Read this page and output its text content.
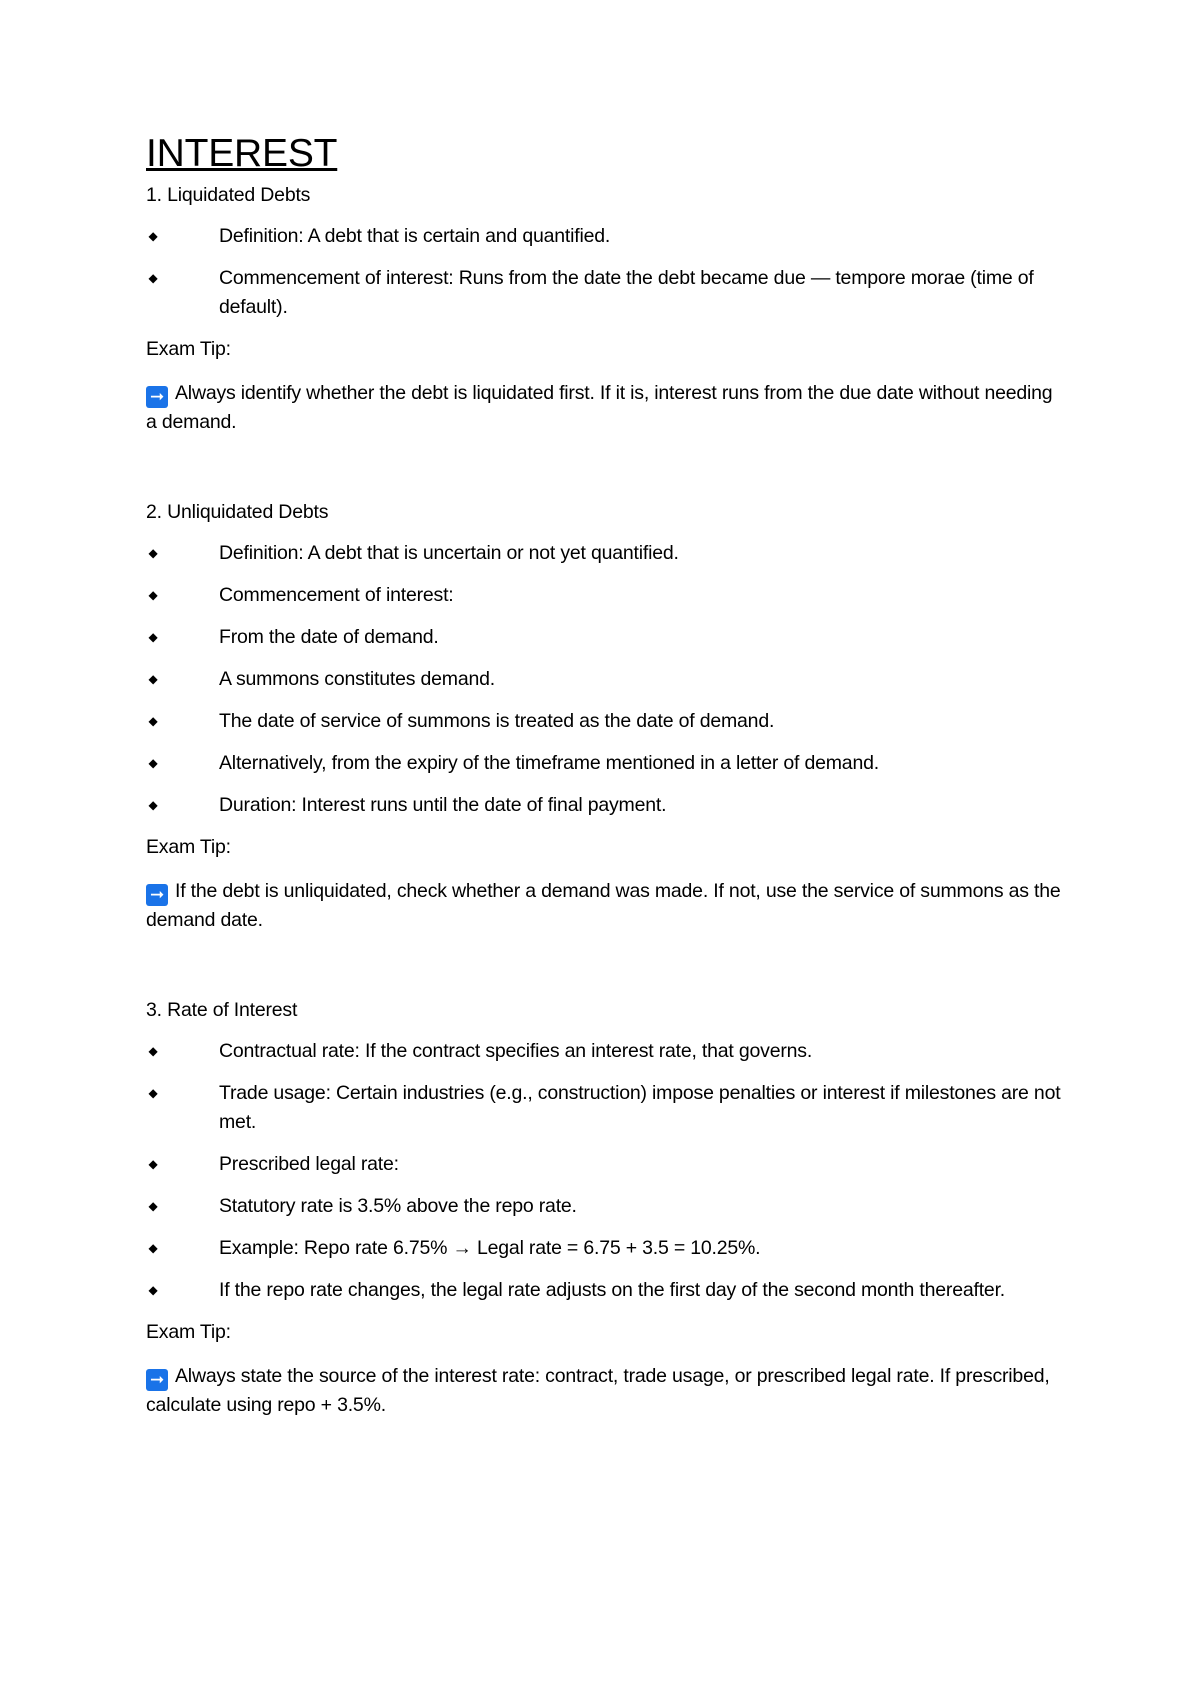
INTEREST

1. Liquidated Debts

◆	Definition: A debt that is certain and quantified.
◆	Commencement of interest: Runs from the date the debt became due — tempore morae (time of default).

Exam Tip:

➞ Always identify whether the debt is liquidated first. If it is, interest runs from the due date without needing a demand.

2. Unliquidated Debts

◆	Definition: A debt that is uncertain or not yet quantified.
◆	Commencement of interest:
◆	From the date of demand.
◆	A summons constitutes demand.
◆	The date of service of summons is treated as the date of demand.
◆	Alternatively, from the expiry of the timeframe mentioned in a letter of demand.
◆	Duration: Interest runs until the date of final payment.

Exam Tip:

➞ If the debt is unliquidated, check whether a demand was made. If not, use the service of summons as the demand date.

3. Rate of Interest

◆	Contractual rate: If the contract specifies an interest rate, that governs.
◆	Trade usage: Certain industries (e.g., construction) impose penalties or interest if milestones are not met.
◆	Prescribed legal rate:
◆	Statutory rate is 3.5% above the repo rate.
◆	Example: Repo rate 6.75% → Legal rate = 6.75 + 3.5 = 10.25%.
◆	If the repo rate changes, the legal rate adjusts on the first day of the second month thereafter.

Exam Tip:

➞ Always state the source of the interest rate: contract, trade usage, or prescribed legal rate. If prescribed, calculate using repo + 3.5%.
